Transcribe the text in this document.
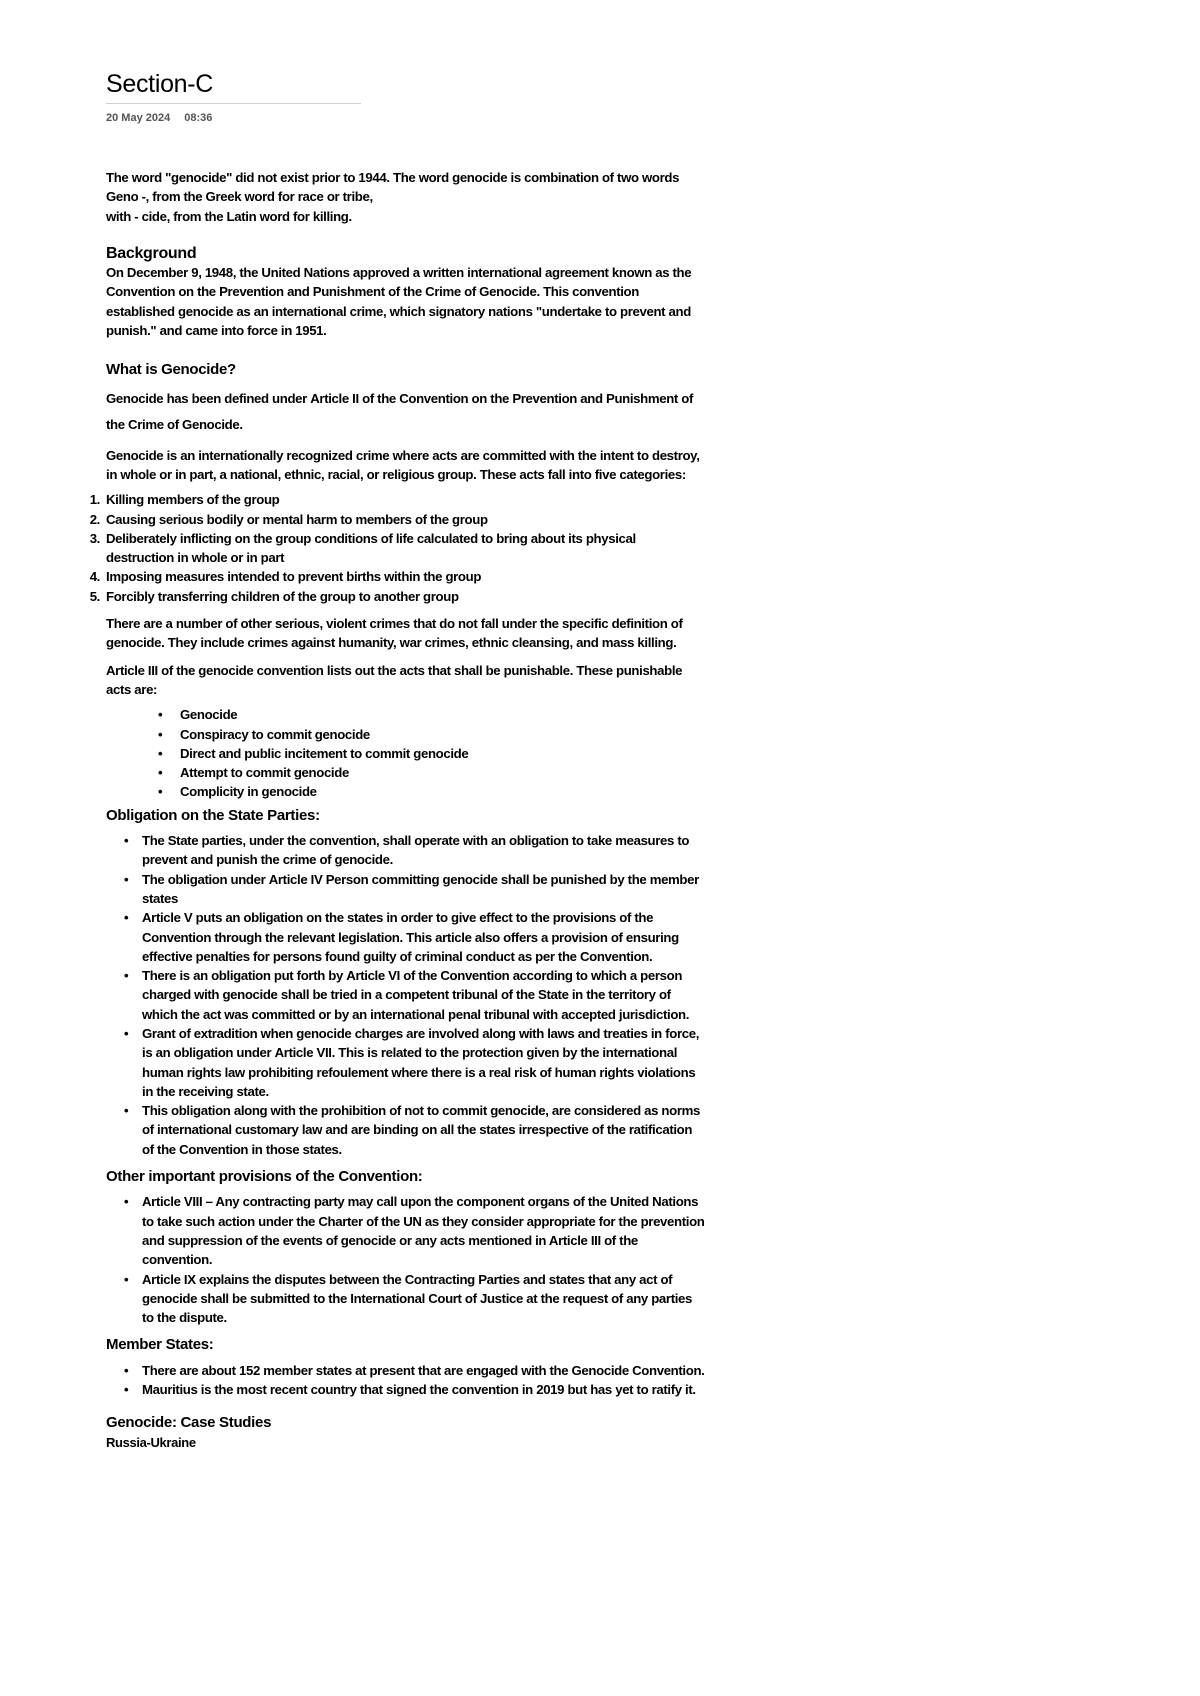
Section-C
20 May 2024 08:36

The word "genocide" did not exist prior to 1944. The word genocide is combination of two words

Geno -, from the Greek word for race or tribe,

with - cide, from the Latin word for killing.

Background

On December 9, 1948, the United Nations approved a written international agreement known as the Convention on the Prevention and Punishment of the Crime of Genocide. This convention established genocide as an international crime, which signatory nations "undertake to prevent and punish." and came into force in 1951.

What is Genocide?

Genocide has been defined under Article II of the Convention on the Prevention and Punishment of the Crime of Genocide.

Genocide is an internationally recognized crime where acts are committed with the intent to destroy, in whole or in part, a national, ethnic, racial, or religious group. These acts fall into five categories:

1. Killing members of the group
2. Causing serious bodily or mental harm to members of the group
3. Deliberately inflicting on the group conditions of life calculated to bring about its physical destruction in whole or in part
4. Imposing measures intended to prevent births within the group
5. Forcibly transferring children of the group to another group

There are a number of other serious, violent crimes that do not fall under the specific definition of genocide. They include crimes against humanity, war crimes, ethnic cleansing, and mass killing.

Article III of the genocide convention lists out the acts that shall be punishable. These punishable acts are:

• Genocide
• Conspiracy to commit genocide
• Direct and public incitement to commit genocide
• Attempt to commit genocide
• Complicity in genocide
Obligation on the State Parties:
• The State parties, under the convention, shall operate with an obligation to take measures to prevent and punish the crime of genocide.
• The obligation under Article IV Person committing genocide shall be punished by the member states
• Article V puts an obligation on the states in order to give effect to the provisions of the Convention through the relevant legislation. This article also offers a provision of ensuring effective penalties for persons found guilty of criminal conduct as per the Convention.
• There is an obligation put forth by Article VI of the Convention according to which a person charged with genocide shall be tried in a competent tribunal of the State in the territory of which the act was committed or by an international penal tribunal with accepted jurisdiction.
• Grant of extradition when genocide charges are involved along with laws and treaties in force, is an obligation under Article VII. This is related to the protection given by the international human rights law prohibiting refoulement where there is a real risk of human rights violations in the receiving state.
• This obligation along with the prohibition of not to commit genocide, are considered as norms of international customary law and are binding on all the states irrespective of the ratification of the Convention in those states.
Other important provisions of the Convention:
• Article VIII – Any contracting party may call upon the component organs of the United Nations to take such action under the Charter of the UN as they consider appropriate for the prevention and suppression of the events of genocide or any acts mentioned in Article III of the convention.
• Article IX explains the disputes between the Contracting Parties and states that any act of genocide shall be submitted to the International Court of Justice at the request of any parties to the dispute.
Member States:
• There are about 152 member states at present that are engaged with the Genocide Convention.
• Mauritius is the most recent country that signed the convention in 2019 but has yet to ratify it.
Genocide: Case Studies

Russia-Ukraine
